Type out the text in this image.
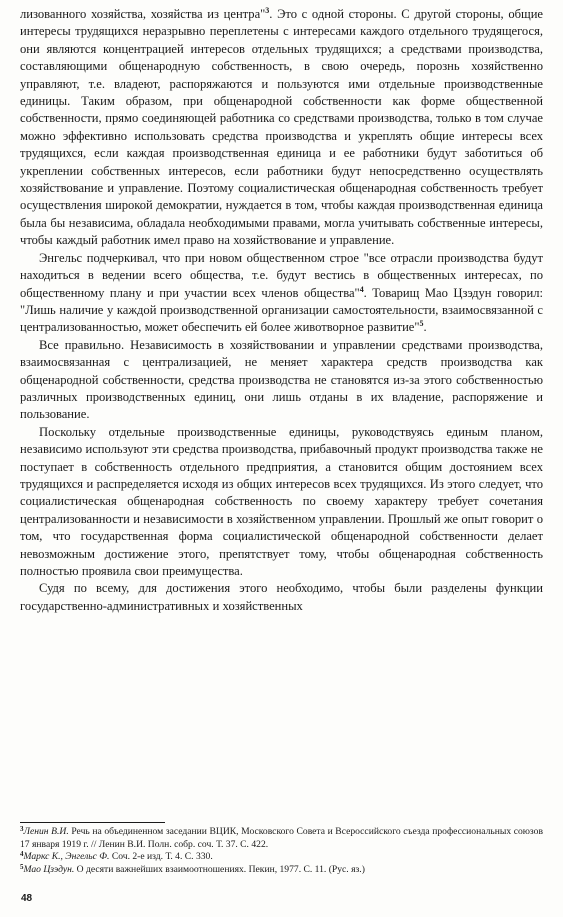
лизованного хозяйства, хозяйства из центра"$^3$. Это с одной стороны. С другой стороны, общие интересы трудящихся неразрывно переплетены с интересами каждого отдельного трудящегося, они являются концентрацией интересов отдельных трудящихся; а средствами производства, составляющими общенародную собственность, в свою очередь, порознь хозяйственно управляют, т.е. владеют, распоряжаются и пользуются ими отдельные производственные единицы. Таким образом, при общенародной собственности как форме общественной собственности, прямо соединяющей работника со средствами производства, только в том случае можно эффективно использовать средства производства и укреплять общие интересы всех трудящихся, если каждая производственная единица и ее работники будут заботиться об укреплении собственных интересов, если работники будут непосредственно осуществлять хозяйствование и управление. Поэтому социалистическая общенародная собственность требует осуществления широкой демократии, нуждается в том, чтобы каждая производственная единица была бы независима, обладала необходимыми правами, могла учитывать собственные интересы, чтобы каждый работник имел право на хозяйствование и управление.

Энгельс подчеркивал, что при новом общественном строе "все отрасли производства будут находиться в ведении всего общества, т.е. будут вестись в общественных интересах, по общественному плану и при участии всех членов общества"$^4$. Товарищ Мао Цзэдун говорил: "Лишь наличие у каждой производственной организации самостоятельности, взаимосвязанной с централизованностью, может обеспечить ей более животворное развитие"$^5$.

Все правильно. Независимость в хозяйствовании и управлении средствами производства, взаимосвязанная с централизацией, не меняет характера средств производства как общенародной собственности, средства производства не становятся из-за этого собственностью различных производственных единиц, они лишь отданы в их владение, распоряжение и пользование.

Поскольку отдельные производственные единицы, руководствуясь единым планом, независимо используют эти средства производства, прибавочный продукт производства также не поступает в собственность отдельного предприятия, а становится общим достоянием всех трудящихся и распределяется исходя из общих интересов всех трудящихся. Из этого следует, что социалистическая общенародная собственность по своему характеру требует сочетания централизованности и независимости в хозяйственном управлении. Прошлый же опыт говорит о том, что государственная форма социалистической общенародной собственности делает невозможным достижение этого, препятствует тому, чтобы общенародная собственность полностью проявила свои преимущества.

Судя по всему, для достижения этого необходимо, чтобы были разделены функции государственно-административных и хозяйственных

$^3$Ленин В.И. Речь на объединенном заседании ВЦИК, Московского Совета и Всероссийского съезда профессиональных союзов 17 января 1919 г. // Ленин В.И. Полн. собр. соч. Т. 37. С. 422.

$^4$Маркс К., Энгельс Ф. Соч. 2-е изд. Т. 4. С. 330.

$^5$Мао Цзэдун. О десяти важнейших взаимоотношениях. Пекин, 1977. С. 11. (Рус. яз.)

48
